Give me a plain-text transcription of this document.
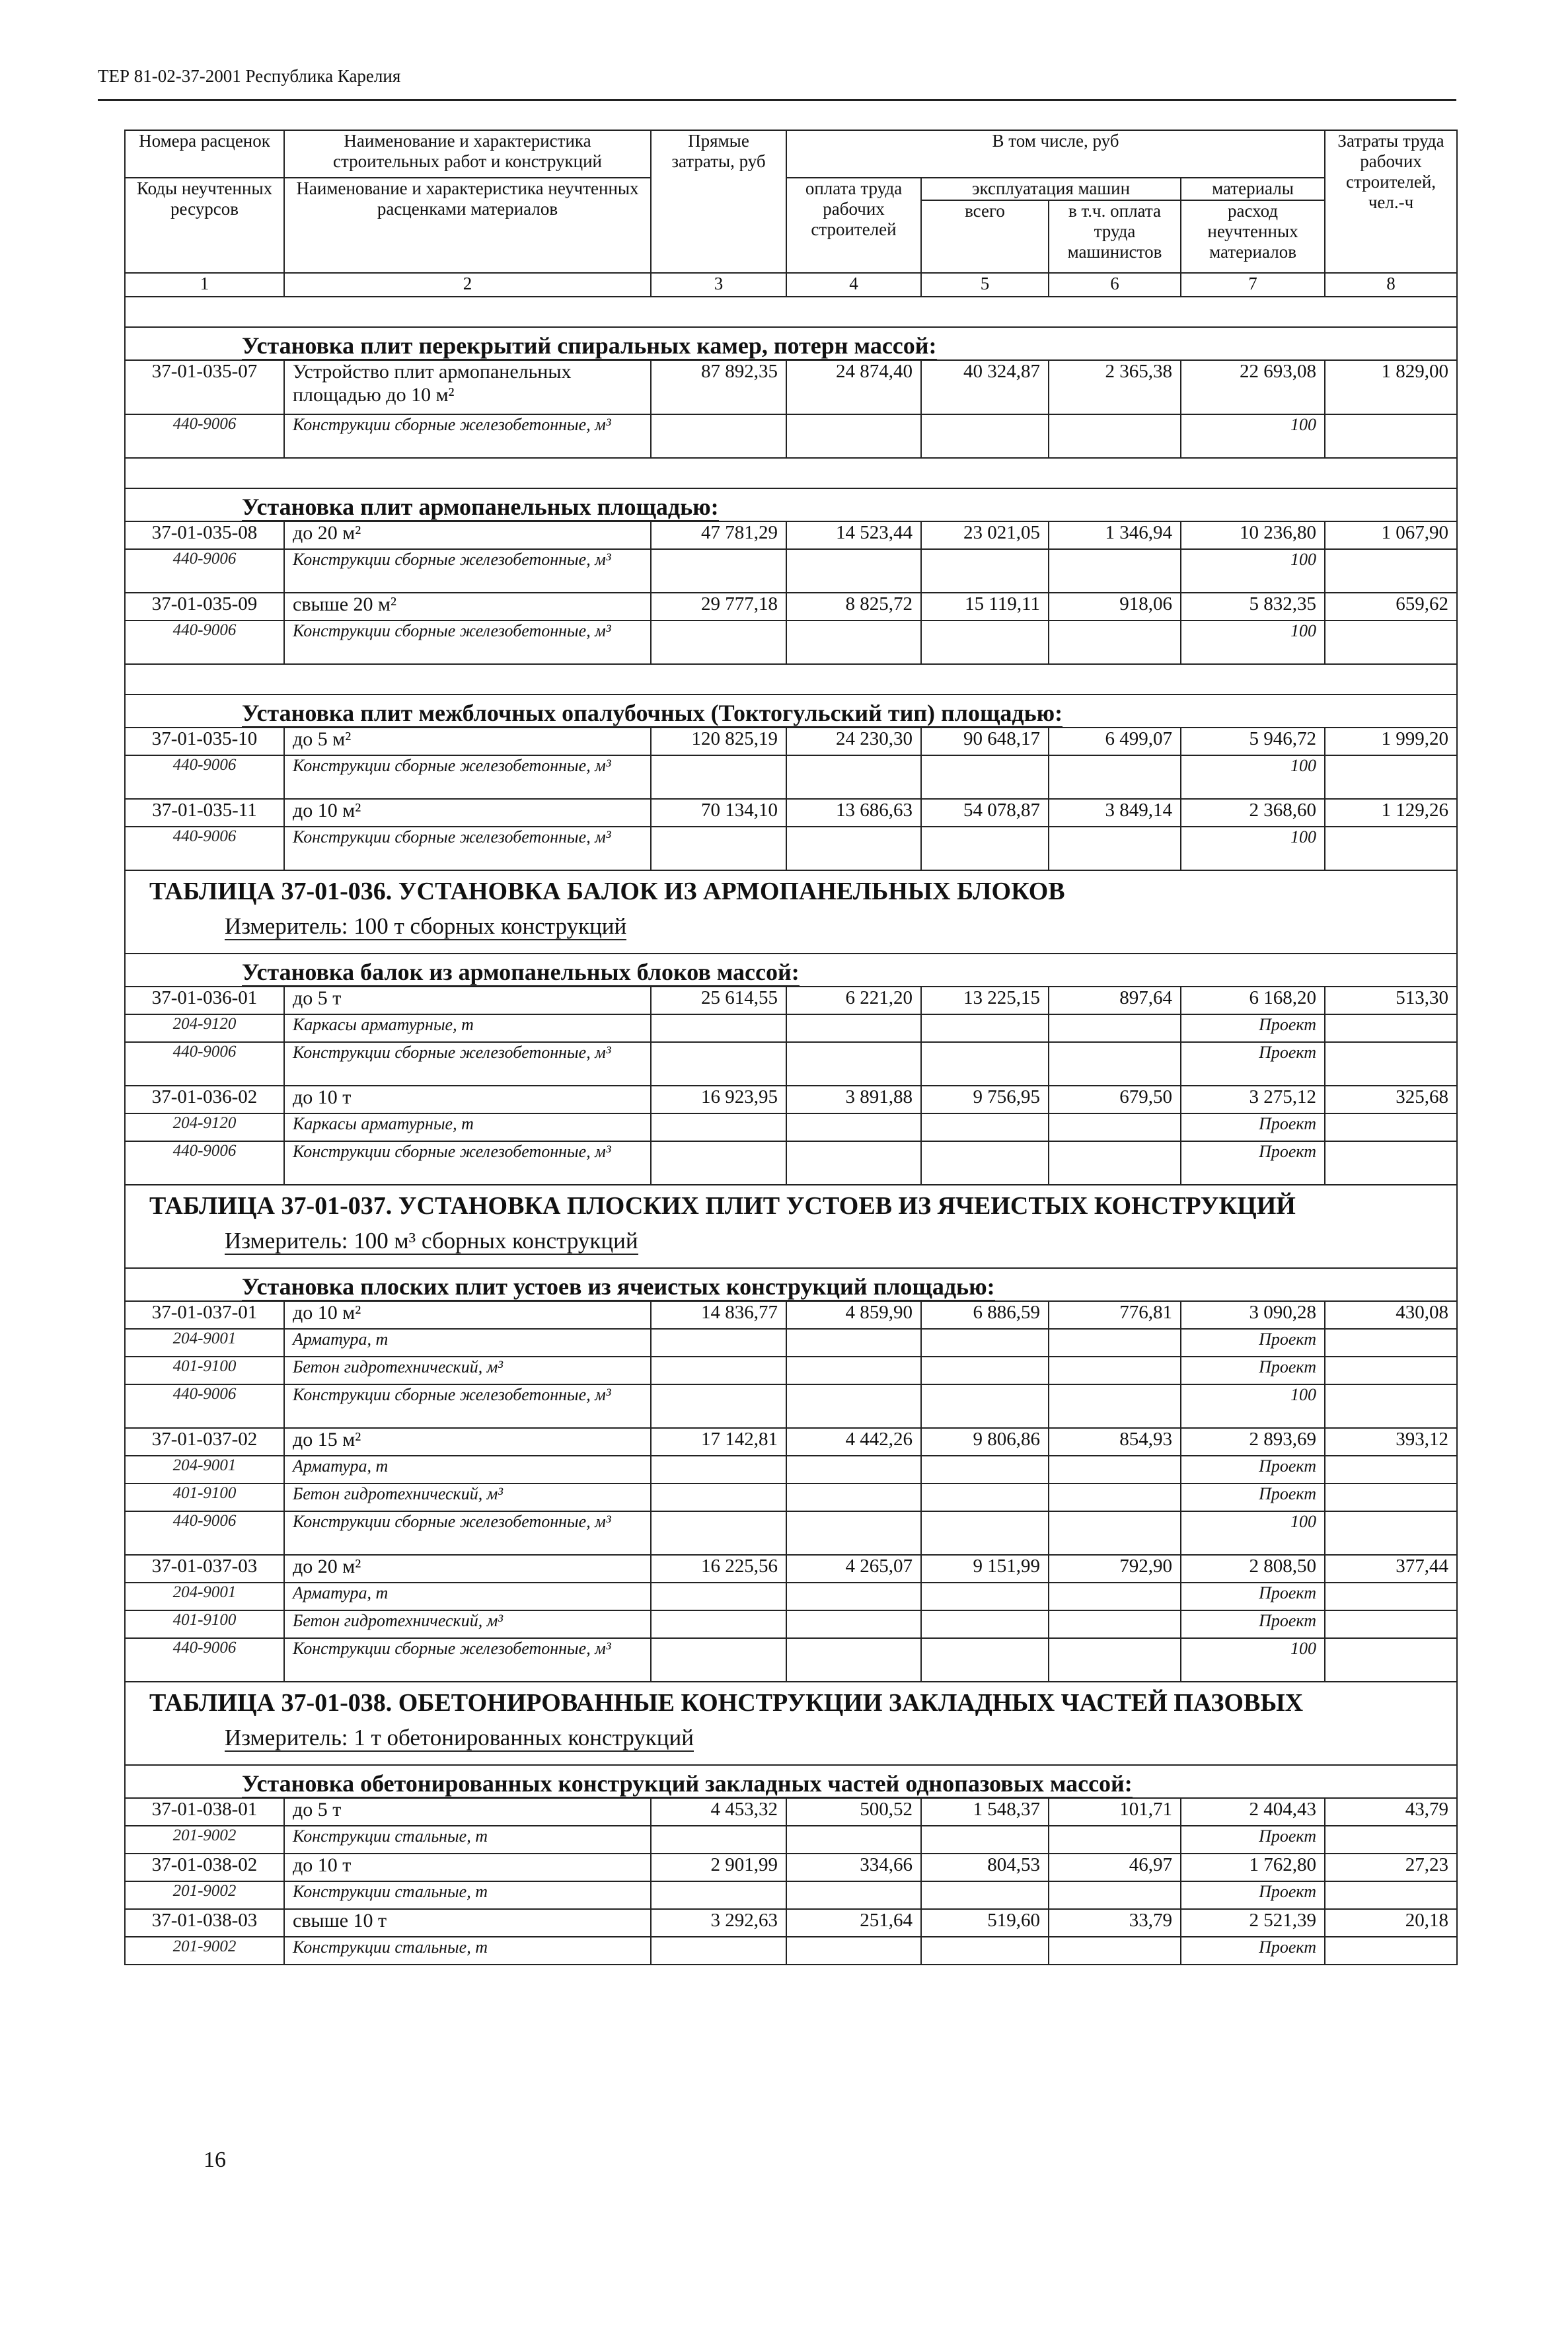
ТЕР 81-02-37-2001 Республика Карелия
Номера расценок	Наименование и характеристика строительных работ и конструкций	Прямые затраты, руб	В том числе, руб				Затраты труда рабочих строителей, чел.-ч
Коды неучтенных ресурсов	Наименование и характеристика неучтенных расценками материалов		оплата труда рабочих строителей	эксплуатация машин		материалы	
				всего	в т.ч. оплата труда машинистов	расход неучтенных материалов	
1	2	3	4	5	6	7	8

Установка плит перекрытий спиральных камер, потерн массой:							
37-01-035-07	Устройство плит армопанельных площадью до 10 м²	87 892,35	24 874,40	40 324,87	2 365,38	22 693,08	1 829,00
440-9006	Конструкции сборные железобетонные, м³					100	

Установка плит армопанельных площадью:							
37-01-035-08	до 20 м²	47 781,29	14 523,44	23 021,05	1 346,94	10 236,80	1 067,90
440-9006	Конструкции сборные железобетонные, м³					100	
37-01-035-09	свыше 20 м²	29 777,18	8 825,72	15 119,11	918,06	5 832,35	659,62
440-9006	Конструкции сборные железобетонные, м³					100	

Установка плит межблочных опалубочных (Токтогульский тип) площадью:							
37-01-035-10	до 5 м²	120 825,19	24 230,30	90 648,17	6 499,07	5 946,72	1 999,20
440-9006	Конструкции сборные железобетонные, м³					100	
37-01-035-11	до 10 м²	70 134,10	13 686,63	54 078,87	3 849,14	2 368,60	1 129,26
440-9006	Конструкции сборные железобетонные, м³					100	
ТАБЛИЦА 37-01-036. УСТАНОВКА БАЛОК ИЗ АРМОПАНЕЛЬНЫХ БЛОКОВ							
Измеритель: 100 т сборных конструкций							
Установка балок из армопанельных блоков массой:							
37-01-036-01	до 5 т	25 614,55	6 221,20	13 225,15	897,64	6 168,20	513,30
204-9120	Каркасы арматурные, т					Проект	
440-9006	Конструкции сборные железобетонные, м³					Проект	
37-01-036-02	до 10 т	16 923,95	3 891,88	9 756,95	679,50	3 275,12	325,68
204-9120	Каркасы арматурные, т					Проект	
440-9006	Конструкции сборные железобетонные, м³					Проект	
ТАБЛИЦА 37-01-037. УСТАНОВКА ПЛОСКИХ ПЛИТ УСТОЕВ ИЗ ЯЧЕИСТЫХ КОНСТРУКЦИЙ							
Измеритель: 100 м³ сборных конструкций							
Установка плоских плит устоев из ячеистых конструкций площадью:							
37-01-037-01	до 10 м²	14 836,77	4 859,90	6 886,59	776,81	3 090,28	430,08
204-9001	Арматура, т					Проект	
401-9100	Бетон гидротехнический, м³					Проект	
440-9006	Конструкции сборные железобетонные, м³					100	
37-01-037-02	до 15 м²	17 142,81	4 442,26	9 806,86	854,93	2 893,69	393,12
204-9001	Арматура, т					Проект	
401-9100	Бетон гидротехнический, м³					Проект	
440-9006	Конструкции сборные железобетонные, м³					100	
37-01-037-03	до 20 м²	16 225,56	4 265,07	9 151,99	792,90	2 808,50	377,44
204-9001	Арматура, т					Проект	
401-9100	Бетон гидротехнический, м³					Проект	
440-9006	Конструкции сборные железобетонные, м³					100	
ТАБЛИЦА 37-01-038. ОБЕТОНИРОВАННЫЕ КОНСТРУКЦИИ ЗАКЛАДНЫХ ЧАСТЕЙ ПАЗОВЫХ							
Измеритель: 1 т обетонированных конструкций							
Установка обетонированных конструкций закладных частей однопазовых массой:							
37-01-038-01	до 5 т	4 453,32	500,52	1 548,37	101,71	2 404,43	43,79
201-9002	Конструкции стальные, т					Проект	
37-01-038-02	до 10 т	2 901,99	334,66	804,53	46,97	1 762,80	27,23
201-9002	Конструкции стальные, т					Проект	
37-01-038-03	свыше 10 т	3 292,63	251,64	519,60	33,79	2 521,39	20,18
201-9002	Конструкции стальные, т					Проект	
16
